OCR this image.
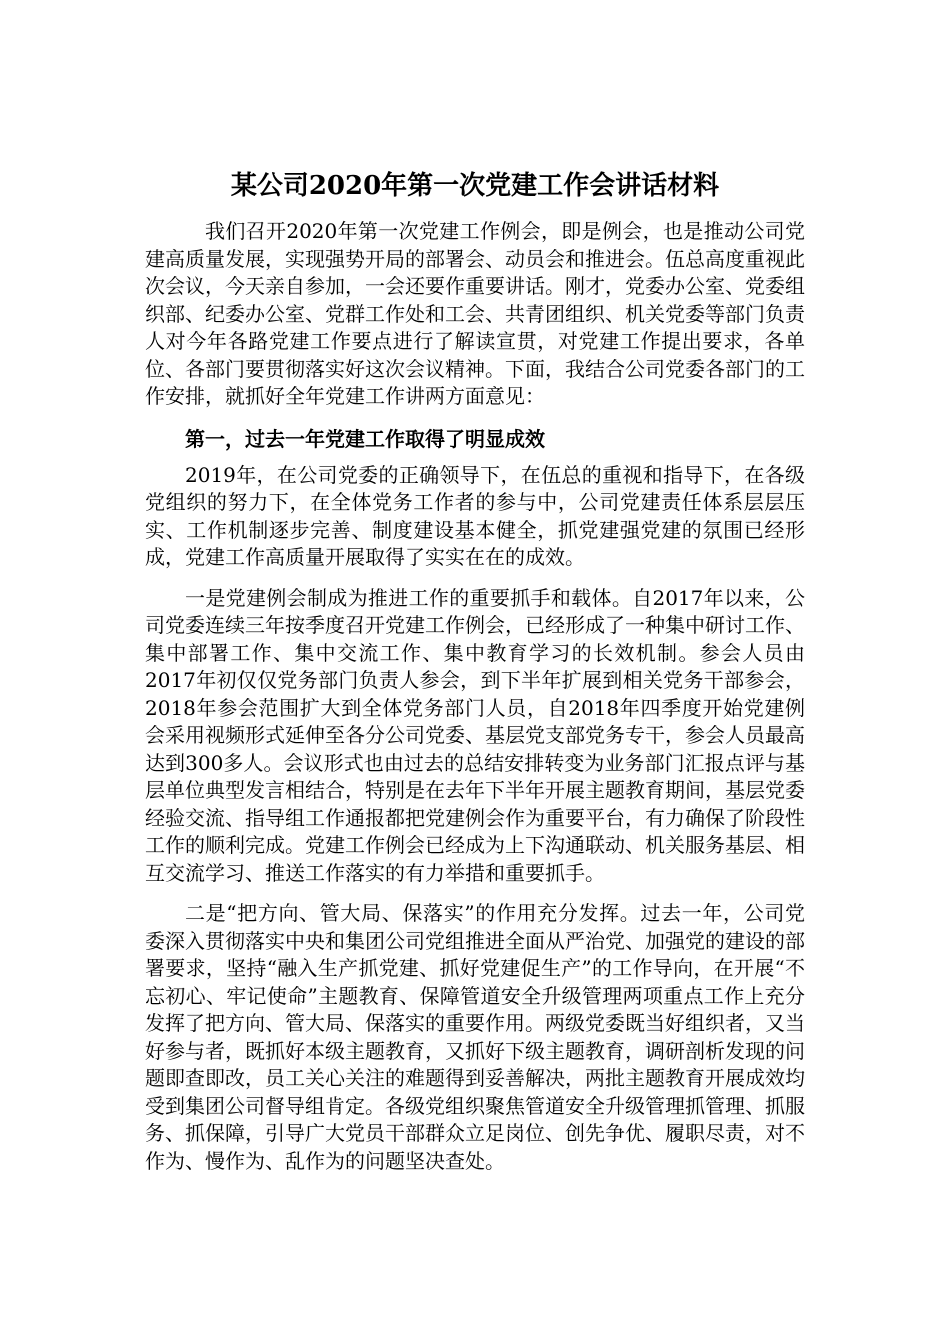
某公司2020年第一次党建工作会讲话材料

我们召开2020年第一次党建工作例会，即是例会，也是推动公司党建高质量发展，实现强势开局的部署会、动员会和推进会。伍总高度重视此次会议，今天亲自参加，一会还要作重要讲话。刚才，党委办公室、党委组织部、纪委办公室、党群工作处和工会、共青团组织、机关党委等部门负责人对今年各路党建工作要点进行了解读宣贯，对党建工作提出要求，各单位、各部门要贯彻落实好这次会议精神。下面，我结合公司党委各部门的工作安排，就抓好全年党建工作讲两方面意见：

第一，过去一年党建工作取得了明显成效

2019年，在公司党委的正确领导下，在伍总的重视和指导下，在各级党组织的努力下，在全体党务工作者的参与中，公司党建责任体系层层压实、工作机制逐步完善、制度建设基本健全，抓党建强党建的氛围已经形成，党建工作高质量开展取得了实实在在的成效。

一是党建例会制成为推进工作的重要抓手和载体。自2017年以来，公司党委连续三年按季度召开党建工作例会，已经形成了一种集中研讨工作、集中部署工作、集中交流工作、集中教育学习的长效机制。参会人员由2017年初仅仅党务部门负责人参会，到下半年扩展到相关党务干部参会，2018年参会范围扩大到全体党务部门人员，自2018年四季度开始党建例会采用视频形式延伸至各分公司党委、基层党支部党务专干，参会人员最高达到300多人。会议形式也由过去的总结安排转变为业务部门汇报点评与基层单位典型发言相结合，特别是在去年下半年开展主题教育期间，基层党委经验交流、指导组工作通报都把党建例会作为重要平台，有力确保了阶段性工作的顺利完成。党建工作例会已经成为上下沟通联动、机关服务基层、相互交流学习、推送工作落实的有力举措和重要抓手。

二是“把方向、管大局、保落实”的作用充分发挥。过去一年，公司党委深入贯彻落实中央和集团公司党组推进全面从严治党、加强党的建设的部署要求，坚持“融入生产抓党建、抓好党建促生产”的工作导向，在开展“不忘初心、牢记使命”主题教育、保障管道安全升级管理两项重点工作上充分发挥了把方向、管大局、保落实的重要作用。两级党委既当好组织者，又当好参与者，既抓好本级主题教育，又抓好下级主题教育，调研剖析发现的问题即查即改，员工关心关注的难题得到妥善解决，两批主题教育开展成效均受到集团公司督导组肯定。各级党组织聚焦管道安全升级管理抓管理、抓服务、抓保障，引导广大党员干部群众立足岗位、创先争优、履职尽责，对不作为、慢作为、乱作为的问题坚决查处。
